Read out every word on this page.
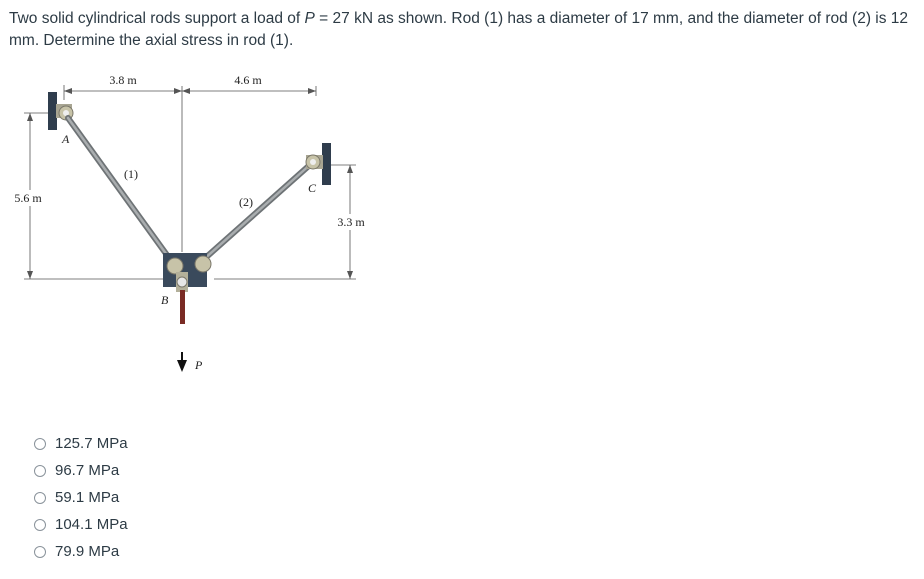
Two solid cylindrical rods support a load of P = 27 kN as shown. Rod (1) has a diameter of 17 mm, and the diameter of rod (2) is 12 mm. Determine the axial stress in rod (1).
3.8 m	4.6 m
5.6 m
3.3 m
A
(1)
(2)
C
B
P
125.7 MPa
96.7 MPa
59.1 MPa
104.1 MPa
79.9 MPa
